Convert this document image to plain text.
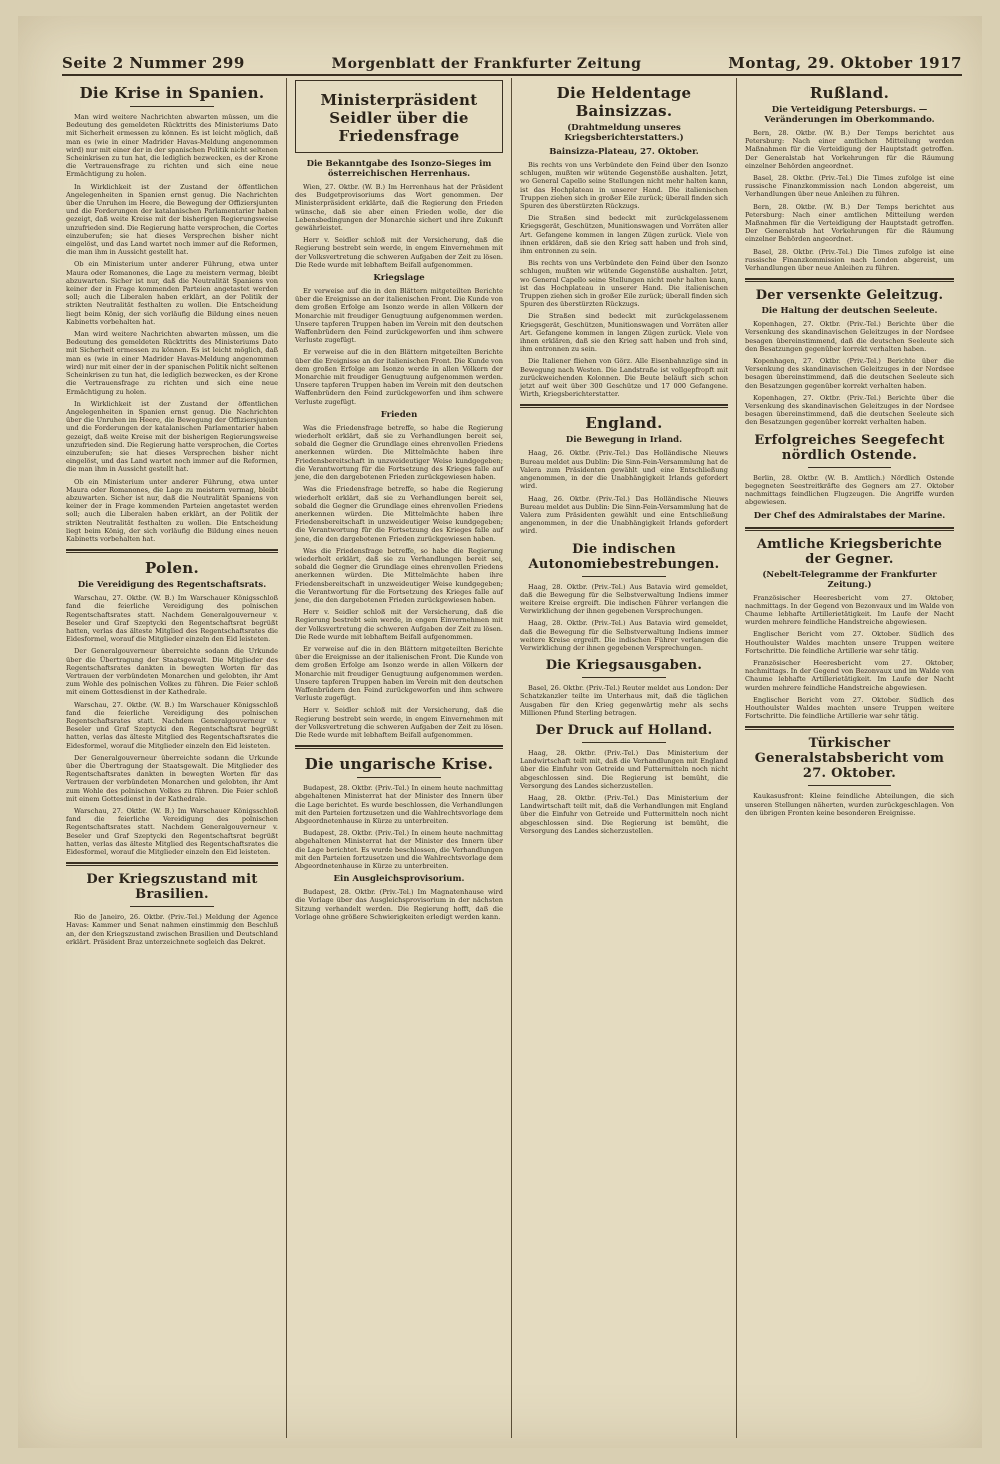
Seite 2 Nummer 299	Morgenblatt der Frankfurter Zeitung	Montag, 29. Oktober 1917
Die Krise in Spanien.

Man wird weitere Nachrichten abwarten müssen, um die Bedeutung des gemeldeten Rücktritts des Ministeriums Dato mit Sicherheit ermessen zu können. Es ist leicht möglich, daß man es (wie in einer Madrider Havas-Meldung angenommen wird) nur mit einer der in der spanischen Politik nicht seltenen Scheinkrisen zu tun hat, die lediglich bezwecken, es der Krone die Vertrauensfrage zu richten und sich eine neue Ermächtigung zu holen.

In Wirklichkeit ist der Zustand der öffentlichen Angelegenheiten in Spanien ernst genug. Die Nachrichten über die Unruhen im Heere, die Bewegung der Offiziersjunten und die Forderungen der katalanischen Parlamentarier haben gezeigt, daß weite Kreise mit der bisherigen Regierungsweise unzufrieden sind. Die Regierung hatte versprochen, die Cortes einzuberufen; sie hat dieses Versprechen bisher nicht eingelöst, und das Land wartet noch immer auf die Reformen, die man ihm in Aussicht gestellt hat.

Ob ein Ministerium unter anderer Führung, etwa unter Maura oder Romanones, die Lage zu meistern vermag, bleibt abzuwarten. Sicher ist nur, daß die Neutralität Spaniens von keiner der in Frage kommenden Parteien angetastet werden soll; auch die Liberalen haben erklärt, an der Politik der strikten Neutralität festhalten zu wollen. Die Entscheidung liegt beim König, der sich vorläufig die Bildung eines neuen Kabinetts vorbehalten hat.

Man wird weitere Nachrichten abwarten müssen, um die Bedeutung des gemeldeten Rücktritts des Ministeriums Dato mit Sicherheit ermessen zu können. Es ist leicht möglich, daß man es (wie in einer Madrider Havas-Meldung angenommen wird) nur mit einer der in der spanischen Politik nicht seltenen Scheinkrisen zu tun hat, die lediglich bezwecken, es der Krone die Vertrauensfrage zu richten und sich eine neue Ermächtigung zu holen.

In Wirklichkeit ist der Zustand der öffentlichen Angelegenheiten in Spanien ernst genug. Die Nachrichten über die Unruhen im Heere, die Bewegung der Offiziersjunten und die Forderungen der katalanischen Parlamentarier haben gezeigt, daß weite Kreise mit der bisherigen Regierungsweise unzufrieden sind. Die Regierung hatte versprochen, die Cortes einzuberufen; sie hat dieses Versprechen bisher nicht eingelöst, und das Land wartet noch immer auf die Reformen, die man ihm in Aussicht gestellt hat.

Ob ein Ministerium unter anderer Führung, etwa unter Maura oder Romanones, die Lage zu meistern vermag, bleibt abzuwarten. Sicher ist nur, daß die Neutralität Spaniens von keiner der in Frage kommenden Parteien angetastet werden soll; auch die Liberalen haben erklärt, an der Politik der strikten Neutralität festhalten zu wollen. Die Entscheidung liegt beim König, der sich vorläufig die Bildung eines neuen Kabinetts vorbehalten hat.

Polen.
Die Vereidigung des Regentschaftsrats.

Warschau, 27. Oktbr. (W. B.) Im Warschauer Königsschloß fand die feierliche Vereidigung des polnischen Regentschaftsrates statt. Nachdem Generalgouverneur v. Beseler und Graf Szeptycki den Regentschaftsrat begrüßt hatten, verlas das älteste Mitglied des Regentschaftsrates die Eidesformel, worauf die Mitglieder einzeln den Eid leisteten.

Der Generalgouverneur überreichte sodann die Urkunde über die Übertragung der Staatsgewalt. Die Mitglieder des Regentschaftsrates dankten in bewegten Worten für das Vertrauen der verbündeten Monarchen und gelobten, ihr Amt zum Wohle des polnischen Volkes zu führen. Die Feier schloß mit einem Gottesdienst in der Kathedrale.

Warschau, 27. Oktbr. (W. B.) Im Warschauer Königsschloß fand die feierliche Vereidigung des polnischen Regentschaftsrates statt. Nachdem Generalgouverneur v. Beseler und Graf Szeptycki den Regentschaftsrat begrüßt hatten, verlas das älteste Mitglied des Regentschaftsrates die Eidesformel, worauf die Mitglieder einzeln den Eid leisteten.

Der Generalgouverneur überreichte sodann die Urkunde über die Übertragung der Staatsgewalt. Die Mitglieder des Regentschaftsrates dankten in bewegten Worten für das Vertrauen der verbündeten Monarchen und gelobten, ihr Amt zum Wohle des polnischen Volkes zu führen. Die Feier schloß mit einem Gottesdienst in der Kathedrale.

Warschau, 27. Oktbr. (W. B.) Im Warschauer Königsschloß fand die feierliche Vereidigung des polnischen Regentschaftsrates statt. Nachdem Generalgouverneur v. Beseler und Graf Szeptycki den Regentschaftsrat begrüßt hatten, verlas das älteste Mitglied des Regentschaftsrates die Eidesformel, worauf die Mitglieder einzeln den Eid leisteten.

Der Kriegszustand mit Brasilien.

Rio de Janeiro, 26. Oktbr. (Priv.-Tel.) Meldung der Agence Havas: Kammer und Senat nahmen einstimmig den Beschluß an, der den Kriegszustand zwischen Brasilien und Deutschland erklärt. Präsident Braz unterzeichnete sogleich das Dekret.

Ministerpräsident Seidler über die Friedensfrage
Die Bekanntgabe des Isonzo-Sieges im österreichischen Herrenhaus.

Wien, 27. Oktbr. (W. B.) Im Herrenhaus hat der Präsident des Budgetprovisoriums das Wort genommen. Der Ministerpräsident erklärte, daß die Regierung den Frieden wünsche, daß sie aber einen Frieden wolle, der die Lebensbedingungen der Monarchie sichert und ihre Zukunft gewährleistet.

Herr v. Seidler schloß mit der Versicherung, daß die Regierung bestrebt sein werde, in engem Einvernehmen mit der Volksvertretung die schweren Aufgaben der Zeit zu lösen. Die Rede wurde mit lebhaftem Beifall aufgenommen.

Kriegslage

Er verweise auf die in den Blättern mitgeteilten Berichte über die Ereignisse an der italienischen Front. Die Kunde von dem großen Erfolge am Isonzo werde in allen Völkern der Monarchie mit freudiger Genugtuung aufgenommen werden. Unsere tapferen Truppen haben im Verein mit den deutschen Waffenbrüdern den Feind zurückgeworfen und ihm schwere Verluste zugefügt.

Er verweise auf die in den Blättern mitgeteilten Berichte über die Ereignisse an der italienischen Front. Die Kunde von dem großen Erfolge am Isonzo werde in allen Völkern der Monarchie mit freudiger Genugtuung aufgenommen werden. Unsere tapferen Truppen haben im Verein mit den deutschen Waffenbrüdern den Feind zurückgeworfen und ihm schwere Verluste zugefügt.

Frieden

Was die Friedensfrage betreffe, so habe die Regierung wiederholt erklärt, daß sie zu Verhandlungen bereit sei, sobald die Gegner die Grundlage eines ehrenvollen Friedens anerkennen würden. Die Mittelmächte haben ihre Friedensbereitschaft in unzweideutiger Weise kundgegeben; die Verantwortung für die Fortsetzung des Krieges falle auf jene, die den dargebotenen Frieden zurückgewiesen haben.

Was die Friedensfrage betreffe, so habe die Regierung wiederholt erklärt, daß sie zu Verhandlungen bereit sei, sobald die Gegner die Grundlage eines ehrenvollen Friedens anerkennen würden. Die Mittelmächte haben ihre Friedensbereitschaft in unzweideutiger Weise kundgegeben; die Verantwortung für die Fortsetzung des Krieges falle auf jene, die den dargebotenen Frieden zurückgewiesen haben.

Was die Friedensfrage betreffe, so habe die Regierung wiederholt erklärt, daß sie zu Verhandlungen bereit sei, sobald die Gegner die Grundlage eines ehrenvollen Friedens anerkennen würden. Die Mittelmächte haben ihre Friedensbereitschaft in unzweideutiger Weise kundgegeben; die Verantwortung für die Fortsetzung des Krieges falle auf jene, die den dargebotenen Frieden zurückgewiesen haben.

Herr v. Seidler schloß mit der Versicherung, daß die Regierung bestrebt sein werde, in engem Einvernehmen mit der Volksvertretung die schweren Aufgaben der Zeit zu lösen. Die Rede wurde mit lebhaftem Beifall aufgenommen.

Er verweise auf die in den Blättern mitgeteilten Berichte über die Ereignisse an der italienischen Front. Die Kunde von dem großen Erfolge am Isonzo werde in allen Völkern der Monarchie mit freudiger Genugtuung aufgenommen werden. Unsere tapferen Truppen haben im Verein mit den deutschen Waffenbrüdern den Feind zurückgeworfen und ihm schwere Verluste zugefügt.

Herr v. Seidler schloß mit der Versicherung, daß die Regierung bestrebt sein werde, in engem Einvernehmen mit der Volksvertretung die schweren Aufgaben der Zeit zu lösen. Die Rede wurde mit lebhaftem Beifall aufgenommen.

Die ungarische Krise.

Budapest, 28. Oktbr. (Priv.-Tel.) In einem heute nachmittag abgehaltenen Ministerrat hat der Minister des Innern über die Lage berichtet. Es wurde beschlossen, die Verhandlungen mit den Parteien fortzusetzen und die Wahlrechtsvorlage dem Abgeordnetenhause in Kürze zu unterbreiten.

Budapest, 28. Oktbr. (Priv.-Tel.) In einem heute nachmittag abgehaltenen Ministerrat hat der Minister des Innern über die Lage berichtet. Es wurde beschlossen, die Verhandlungen mit den Parteien fortzusetzen und die Wahlrechtsvorlage dem Abgeordnetenhause in Kürze zu unterbreiten.

Ein Ausgleichsprovisorium.

Budapest, 28. Oktbr. (Priv.-Tel.) Im Magnatenhause wird die Vorlage über das Ausgleichsprovisorium in der nächsten Sitzung verhandelt werden. Die Regierung hofft, daß die Vorlage ohne größere Schwierigkeiten erledigt werden kann.

Die Heldentage Bainsizzas.
(Drahtmeldung unseres Kriegsberichterstatters.)
Bainsizza-Plateau, 27. Oktober.

Bis rechts von uns Verbündete den Feind über den Isonzo schlugen, mußten wir wütende Gegenstöße aushalten. Jetzt, wo General Capello seine Stellungen nicht mehr halten kann, ist das Hochplateau in unserer Hand. Die italienischen Truppen ziehen sich in großer Eile zurück; überall finden sich Spuren des überstürzten Rückzugs.

Die Straßen sind bedeckt mit zurückgelassenem Kriegsgerät, Geschützen, Munitionswagen und Vorräten aller Art. Gefangene kommen in langen Zügen zurück. Viele von ihnen erklären, daß sie den Krieg satt haben und froh sind, ihm entronnen zu sein.

Bis rechts von uns Verbündete den Feind über den Isonzo schlugen, mußten wir wütende Gegenstöße aushalten. Jetzt, wo General Capello seine Stellungen nicht mehr halten kann, ist das Hochplateau in unserer Hand. Die italienischen Truppen ziehen sich in großer Eile zurück; überall finden sich Spuren des überstürzten Rückzugs.

Die Straßen sind bedeckt mit zurückgelassenem Kriegsgerät, Geschützen, Munitionswagen und Vorräten aller Art. Gefangene kommen in langen Zügen zurück. Viele von ihnen erklären, daß sie den Krieg satt haben und froh sind, ihm entronnen zu sein.

Die Italiener fliehen von Görz. Alle Eisenbahnzüge sind in Bewegung nach Westen. Die Landstraße ist vollgepfropft mit zurückweichenden Kolonnen. Die Beute beläuft sich schon jetzt auf weit über 300 Geschütze und 17 000 Gefangene. Wirth, Kriegsberichterstatter.

England.
Die Bewegung in Irland.

Haag, 26. Oktbr. (Priv.-Tel.) Das Holländische Nieuws Bureau meldet aus Dublin: Die Sinn-Fein-Versammlung hat de Valera zum Präsidenten gewählt und eine Entschließung angenommen, in der die Unabhängigkeit Irlands gefordert wird.

Haag, 26. Oktbr. (Priv.-Tel.) Das Holländische Nieuws Bureau meldet aus Dublin: Die Sinn-Fein-Versammlung hat de Valera zum Präsidenten gewählt und eine Entschließung angenommen, in der die Unabhängigkeit Irlands gefordert wird.

Die indischen Autonomiebestrebungen.

Haag, 28. Oktbr. (Priv.-Tel.) Aus Batavia wird gemeldet, daß die Bewegung für die Selbstverwaltung Indiens immer weitere Kreise ergreift. Die indischen Führer verlangen die Verwirklichung der ihnen gegebenen Versprechungen.

Haag, 28. Oktbr. (Priv.-Tel.) Aus Batavia wird gemeldet, daß die Bewegung für die Selbstverwaltung Indiens immer weitere Kreise ergreift. Die indischen Führer verlangen die Verwirklichung der ihnen gegebenen Versprechungen.

Die Kriegsausgaben.

Basel, 26. Oktbr. (Priv.-Tel.) Reuter meldet aus London: Der Schatzkanzler teilte im Unterhaus mit, daß die täglichen Ausgaben für den Krieg gegenwärtig mehr als sechs Millionen Pfund Sterling betragen.

Der Druck auf Holland.

Haag, 28. Oktbr. (Priv.-Tel.) Das Ministerium der Landwirtschaft teilt mit, daß die Verhandlungen mit England über die Einfuhr von Getreide und Futtermitteln noch nicht abgeschlossen sind. Die Regierung ist bemüht, die Versorgung des Landes sicherzustellen.

Haag, 28. Oktbr. (Priv.-Tel.) Das Ministerium der Landwirtschaft teilt mit, daß die Verhandlungen mit England über die Einfuhr von Getreide und Futtermitteln noch nicht abgeschlossen sind. Die Regierung ist bemüht, die Versorgung des Landes sicherzustellen.

Rußland.
Die Verteidigung Petersburgs. — Veränderungen im Oberkommando.

Bern, 28. Oktbr. (W. B.) Der Temps berichtet aus Petersburg: Nach einer amtlichen Mitteilung werden Maßnahmen für die Verteidigung der Hauptstadt getroffen. Der Generalstab hat Vorkehrungen für die Räumung einzelner Behörden angeordnet.

Basel, 28. Oktbr. (Priv.-Tel.) Die Times zufolge ist eine russische Finanzkommission nach London abgereist, um Verhandlungen über neue Anleihen zu führen.

Bern, 28. Oktbr. (W. B.) Der Temps berichtet aus Petersburg: Nach einer amtlichen Mitteilung werden Maßnahmen für die Verteidigung der Hauptstadt getroffen. Der Generalstab hat Vorkehrungen für die Räumung einzelner Behörden angeordnet.

Basel, 28. Oktbr. (Priv.-Tel.) Die Times zufolge ist eine russische Finanzkommission nach London abgereist, um Verhandlungen über neue Anleihen zu führen.

Der versenkte Geleitzug.
Die Haltung der deutschen Seeleute.

Kopenhagen, 27. Oktbr. (Priv.-Tel.) Berichte über die Versenkung des skandinavischen Geleitzuges in der Nordsee besagen übereinstimmend, daß die deutschen Seeleute sich den Besatzungen gegenüber korrekt verhalten haben.

Kopenhagen, 27. Oktbr. (Priv.-Tel.) Berichte über die Versenkung des skandinavischen Geleitzuges in der Nordsee besagen übereinstimmend, daß die deutschen Seeleute sich den Besatzungen gegenüber korrekt verhalten haben.

Kopenhagen, 27. Oktbr. (Priv.-Tel.) Berichte über die Versenkung des skandinavischen Geleitzuges in der Nordsee besagen übereinstimmend, daß die deutschen Seeleute sich den Besatzungen gegenüber korrekt verhalten haben.

Erfolgreiches Seegefecht nördlich Ostende.

Berlin, 28. Oktbr. (W. B. Amtlich.) Nördlich Ostende begegneten Seestreitkräfte des Gegners am 27. Oktober nachmittags feindlichen Flugzeugen. Die Angriffe wurden abgewiesen.

Der Chef des Admiralstabes der Marine.
Amtliche Kriegsberichte der Gegner.
(Nebelt-Telegramme der Frankfurter Zeitung.)

Französischer Heeresbericht vom 27. Oktober, nachmittags. In der Gegend von Bezonvaux und im Walde von Chaume lebhafte Artillerietätigkeit. Im Laufe der Nacht wurden mehrere feindliche Handstreiche abgewiesen.

Englischer Bericht vom 27. Oktober. Südlich des Houthoulster Waldes machten unsere Truppen weitere Fortschritte. Die feindliche Artillerie war sehr tätig.

Französischer Heeresbericht vom 27. Oktober, nachmittags. In der Gegend von Bezonvaux und im Walde von Chaume lebhafte Artillerietätigkeit. Im Laufe der Nacht wurden mehrere feindliche Handstreiche abgewiesen.

Englischer Bericht vom 27. Oktober. Südlich des Houthoulster Waldes machten unsere Truppen weitere Fortschritte. Die feindliche Artillerie war sehr tätig.

Türkischer Generalstabsbericht vom 27. Oktober.

Kaukasusfront: Kleine feindliche Abteilungen, die sich unseren Stellungen näherten, wurden zurückgeschlagen. Von den übrigen Fronten keine besonderen Ereignisse.
